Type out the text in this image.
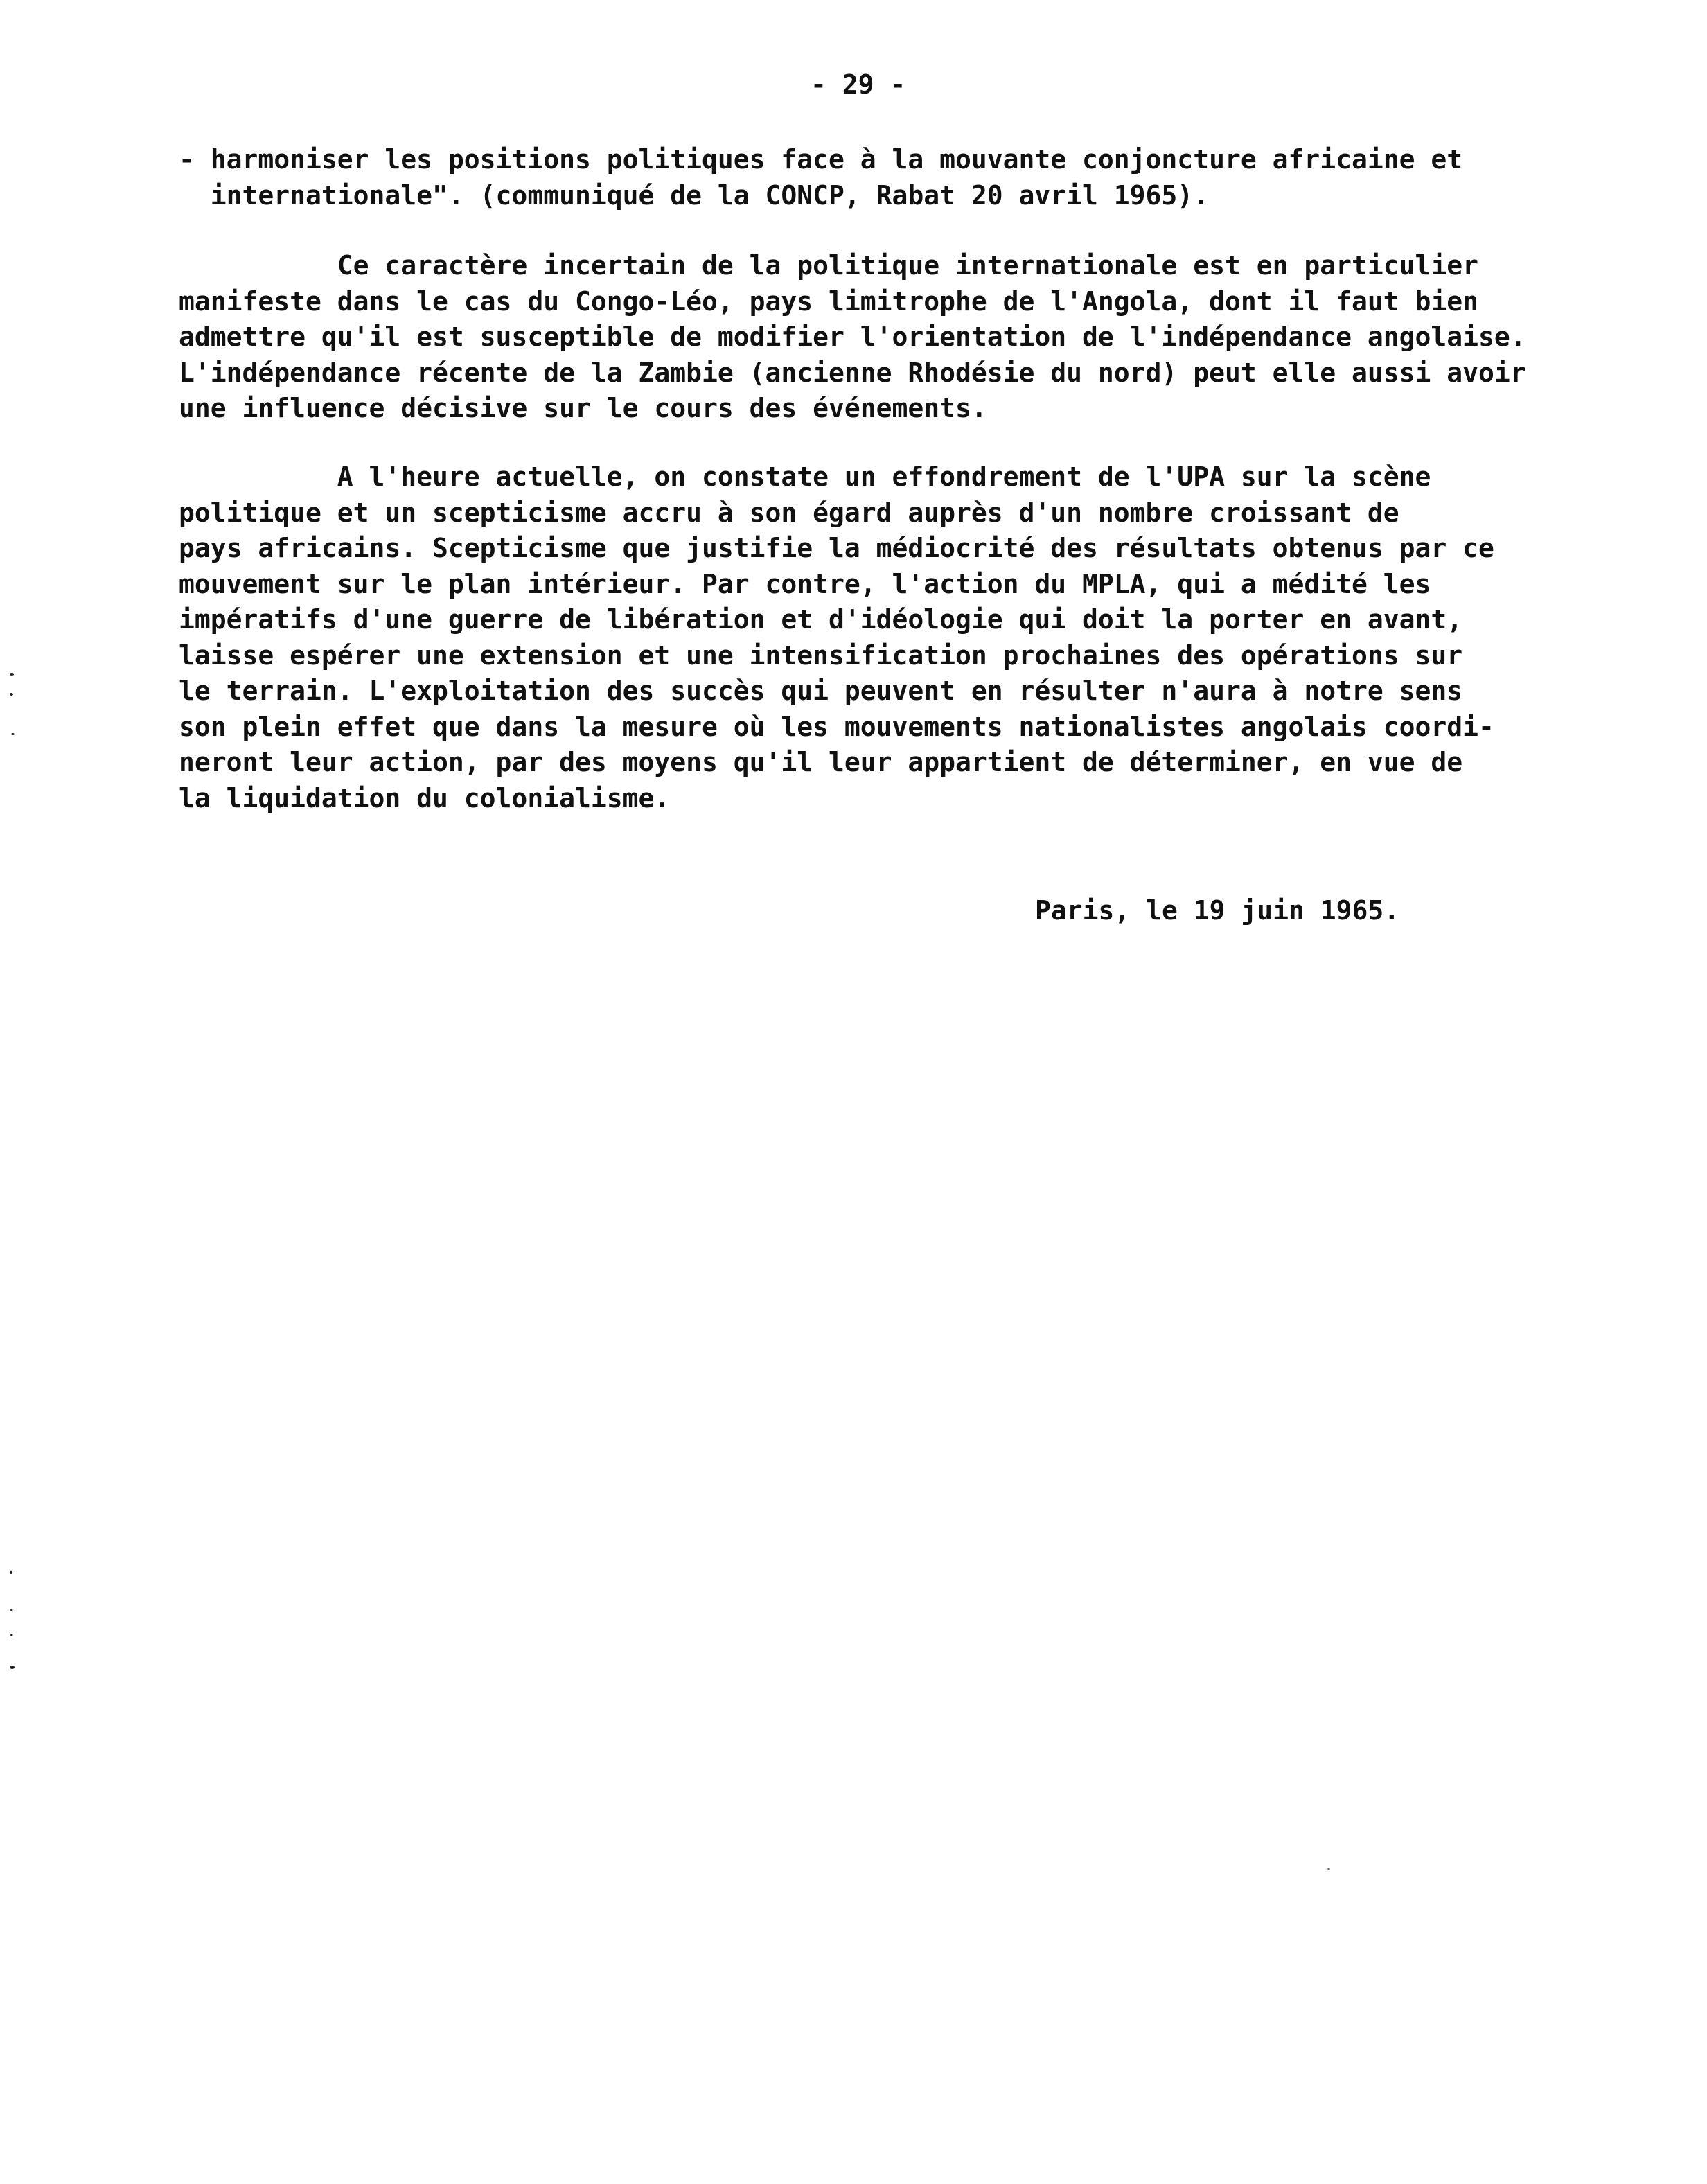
- 29 -
- harmoniser les positions politiques face à la mouvante conjoncture africaine et
internationale". (communiqué de la CONCP, Rabat 20 avril 1965).
Ce caractère incertain de la politique internationale est en particulier
manifeste dans le cas du Congo-Léo, pays limitrophe de l'Angola, dont il faut bien
admettre qu'il est susceptible de modifier l'orientation de l'indépendance angolaise.
L'indépendance récente de la Zambie (ancienne Rhodésie du nord) peut elle aussi avoir
une influence décisive sur le cours des événements.
A l'heure actuelle, on constate un effondrement de l'UPA sur la scène
politique et un scepticisme accru à son égard auprès d'un nombre croissant de
pays africains. Scepticisme que justifie la médiocrité des résultats obtenus par ce
mouvement sur le plan intérieur. Par contre, l'action du MPLA, qui a médité les
impératifs d'une guerre de libération et d'idéologie qui doit la porter en avant,
laisse espérer une extension et une intensification prochaines des opérations sur
le terrain. L'exploitation des succès qui peuvent en résulter n'aura à notre sens
son plein effet que dans la mesure où les mouvements nationalistes angolais coordi-
neront leur action, par des moyens qu'il leur appartient de déterminer, en vue de
la liquidation du colonialisme.
Paris, le 19 juin 1965.
